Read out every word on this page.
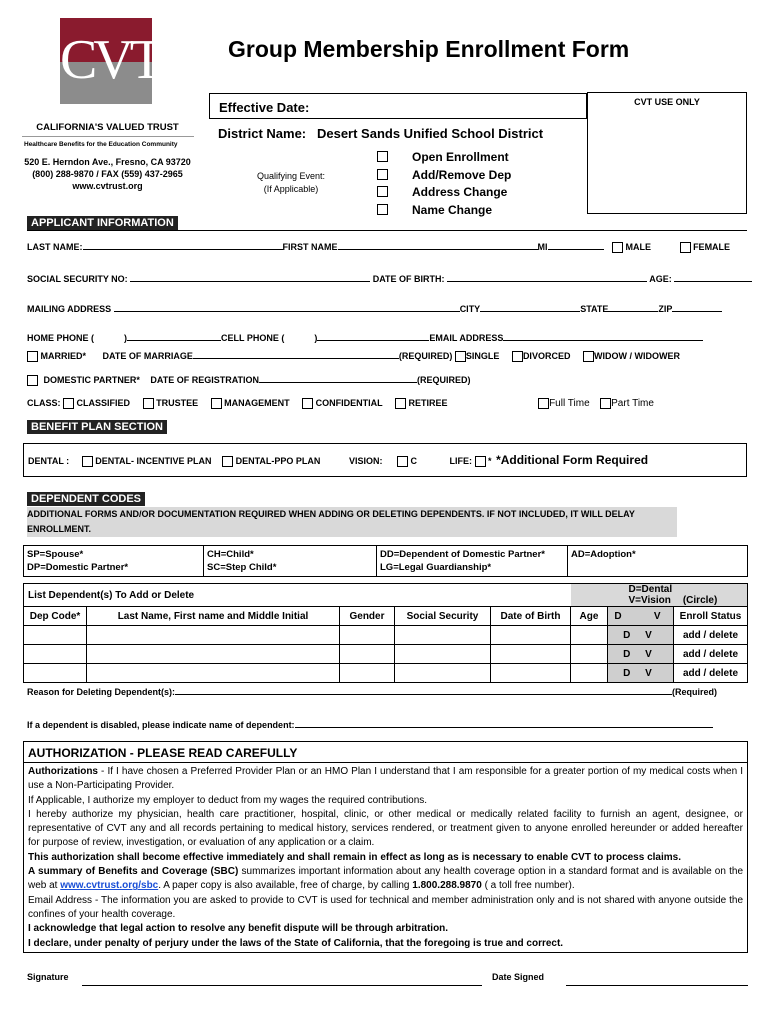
CVT
CALIFORNIA'S VALUED TRUST
Healthcare Benefits for the Education Community
520 E. Herndon Ave., Fresno, CA 93720
(800) 288-9870 / FAX (559) 437-2965
www.cvtrust.org
Group Membership Enrollment Form
CVT USE ONLY
Effective Date:
District Name:   Desert Sands Unified School District
Qualifying Event:
(If Applicable)
Open Enrollment
Add/Remove Dep
Address Change
Name Change
APPLICANT INFORMATION
LAST NAME:	FIRST NAME	MI	MALE	FEMALE
SOCIAL SECURITY NO:	DATE OF BIRTH:	AGE:
MAILING ADDRESS	CITY	STATE	ZIP
HOME PHONE (	)	CELL PHONE (	)	EMAIL ADDRESS
MARRIED* DATE OF MARRIAGE	(REQUIRED) SINGLE	DIVORCED	WIDOW / WIDOWER
DOMESTIC PARTNER* DATE OF REGISTRATION	(REQUIRED)
CLASS: CLASSIFIED	TRUSTEE	MANAGEMENT	CONFIDENTIAL	RETIREE	Full Time Part Time
BENEFIT PLAN SECTION
DENTAL :	DENTAL- INCENTIVE PLAN	DENTAL-PPO PLAN	VISION:	C	LIFE: * *Additional Form Required
DEPENDENT CODES
ADDITIONAL FORMS AND/OR DOCUMENTATION REQUIRED WHEN ADDING OR DELETING DEPENDENTS. IF NOT INCLUDED, IT WILL DELAY ENROLLMENT.
SP=Spouse*
DP=Domestic Partner*

CH=Child*
SC=Step Child*

DD=Dependent of Domestic Partner*
LG=Legal Guardianship*

AD=Adoption*
List Dependent(s) To Add or Delete					D=Dental V=Vision (Circle)		
Dep Code*	Last Name, First name and Middle Initial	Gender	Social Security	Date of Birth	Age	D   V	Enroll Status
						D V	add / delete
						D V	add / delete
						D V	add / delete
Reason for Deleting Dependent(s):	(Required)
If a dependent is disabled, please indicate name of dependent:
AUTHORIZATION - PLEASE READ CAREFULLY

Authorizations - If I have chosen a Preferred Provider Plan or an HMO Plan I understand that I am responsible for a greater portion of my medical costs when I use a Non-Participating Provider.

If Applicable, I authorize my employer to deduct from my wages the required contributions.

I hereby authorize my physician, health care practitioner, hospital, clinic, or other medical or medically related facility to furnish an agent, designee, or representative of CVT any and all records pertaining to medical history, services rendered, or treatment given to anyone enrolled hereunder or added hereafter for purpose of review, investigation, or evaluation of any application or a claim.

This authorization shall become effective immediately and shall remain in effect as long as is necessary to enable CVT to process claims.

A summary of Benefits and Coverage (SBC) summarizes important information about any health coverage option in a standard format and is available on the web at www.cvtrust.org/sbc. A paper copy is also available, free of charge, by calling 1.800.288.9870 ( a toll free number).

Email Address - The information you are asked to provide to CVT is used for technical and member administration only and is not shared with anyone outside the confines of your health coverage.

I acknowledge that legal action to resolve any benefit dispute will be through arbitration.

I declare, under penalty of perjury under the laws of the State of California, that the foregoing is true and correct.

Signature	Date Signed
